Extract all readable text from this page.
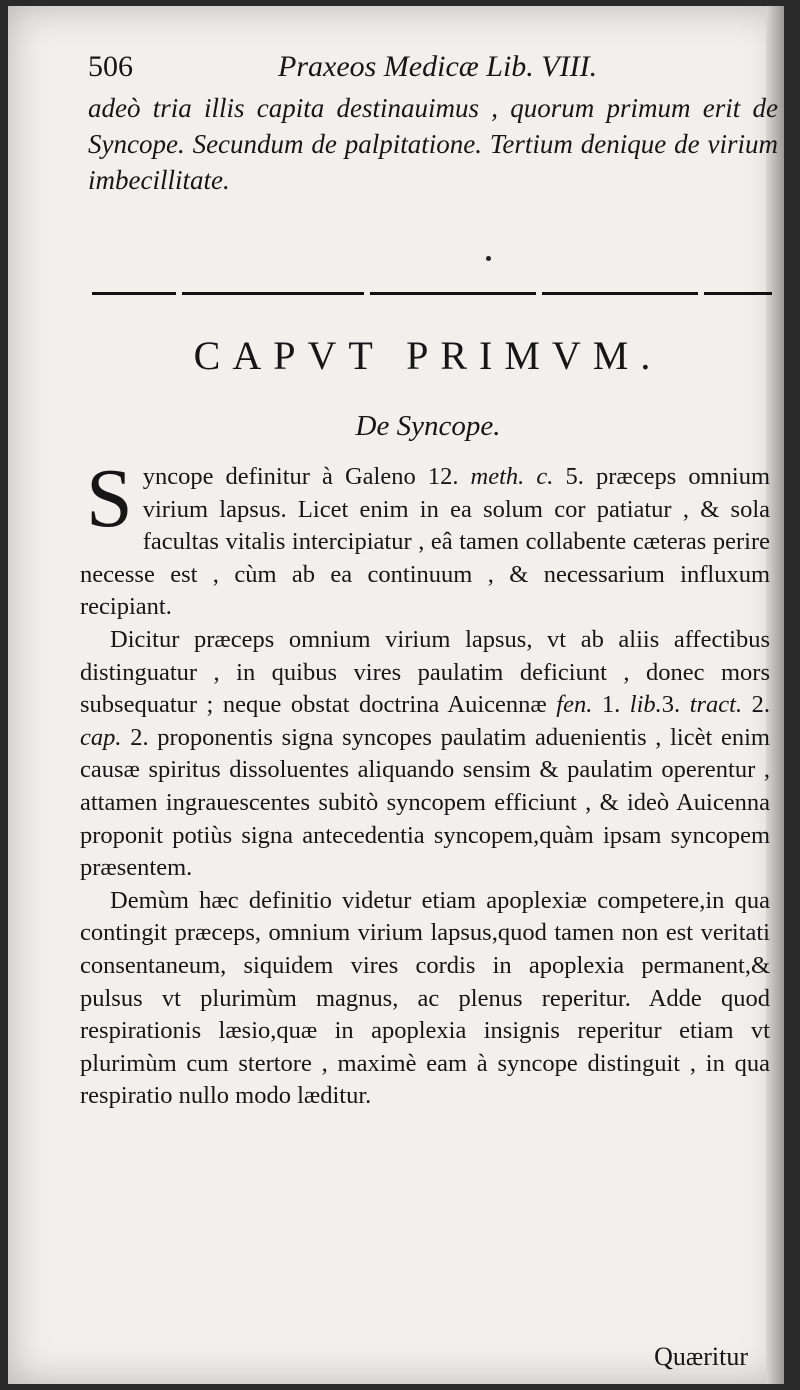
506	Praxeos Medicæ Lib. VIII.
adeò tria illis capita destinauimus , quorum primum erit de Syncope. Secundum de palpitatione. Tertium denique de virium imbecillitate.
CAPVT PRIMVM.
De Syncope.

Syncope definitur à Galeno 12. meth. c. 5. præceps omnium virium lapsus. Licet enim in ea solum cor patiatur , & sola facultas vitalis intercipiatur , eâ tamen collabente cæteras perire necesse est , cùm ab ea continuum , & necessarium influxum recipiant.

Dicitur præceps omnium virium lapsus, vt ab aliis affectibus distinguatur , in quibus vires paulatim deficiunt , donec mors subsequatur ; neque obstat doctrina Auicennæ fen. 1. lib.3. tract. 2. cap. 2. proponentis signa syncopes paulatim aduenientis , licèt enim causæ spiritus dissoluentes aliquando sensim & paulatim operentur , attamen ingrauescentes subitò syncopem efficiunt , & ideò Auicenna proponit potiùs signa antecedentia syncopem,quàm ipsam syncopem præsentem.

Demùm hæc definitio videtur etiam apoplexiæ competere,in qua contingit præceps, omnium virium lapsus,quod tamen non est veritati consentaneum, siquidem vires cordis in apoplexia permanent,& pulsus vt plurimùm magnus, ac plenus reperitur. Adde quod respirationis læsio,quæ in apoplexia insignis reperitur etiam vt plurimùm cum stertore , maximè eam à syncope distinguit , in qua respiratio nullo modo læditur.

Quæritur
